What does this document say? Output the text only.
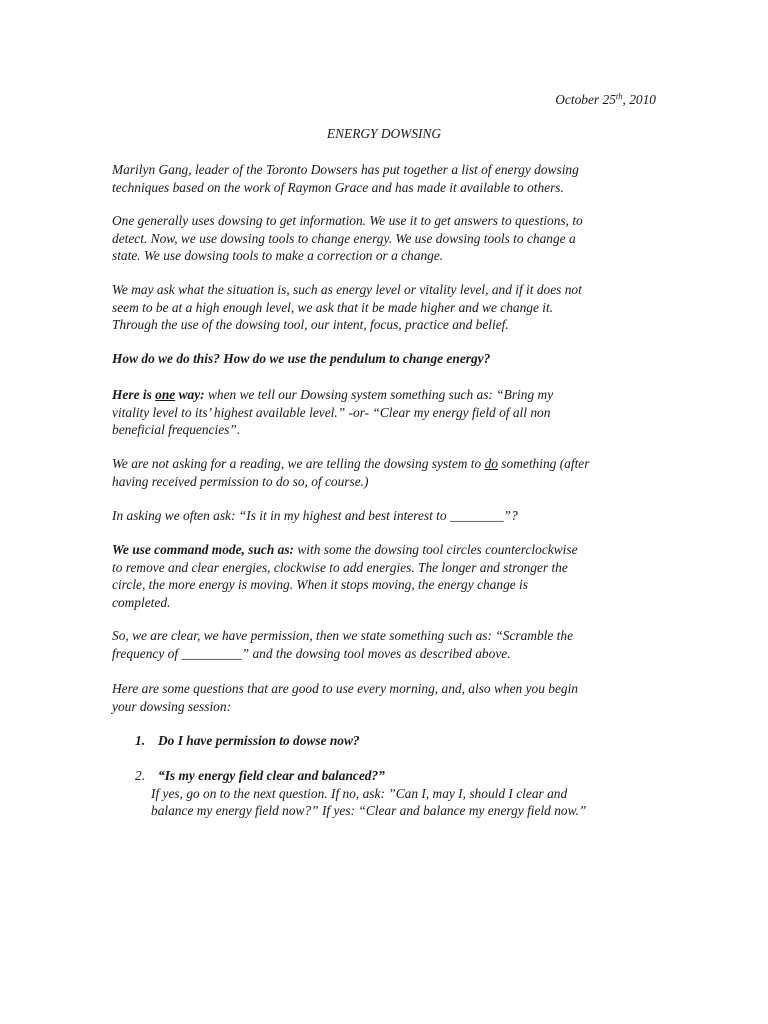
October 25th, 2010
ENERGY DOWSING

Marilyn Gang, leader of the Toronto Dowsers has put together a list of energy dowsing
techniques based on the work of Raymon Grace and has made it available to others.

One generally uses dowsing to get information. We use it to get answers to questions, to
detect. Now, we use dowsing tools to change energy. We use dowsing tools to change a
state. We use dowsing tools to make a correction or a change.

We may ask what the situation is, such as energy level or vitality level, and if it does not
seem to be at a high enough level, we ask that it be made higher and we change it.
Through the use of the dowsing tool, our intent, focus, practice and belief.

How do we do this? How do we use the pendulum to change energy?

Here is one way: when we tell our Dowsing system something such as: “Bring my
vitality level to its’ highest available level.” -or- “Clear my energy field of all non
beneficial frequencies”.

We are not asking for a reading, we are telling the dowsing system to do something (after
having received permission to do so, of course.)

In asking we often ask: “Is it in my highest and best interest to ________”?

We use command mode, such as: with some the dowsing tool circles counterclockwise
to remove and clear energies, clockwise to add energies. The longer and stronger the
circle, the more energy is moving. When it stops moving, the energy change is
completed.

So, we are clear, we have permission, then we state something such as: “Scramble the
frequency of _________” and the dowsing tool moves as described above.

Here are some questions that are good to use every morning, and, also when you begin
your dowsing session:

1. Do I have permission to dowse now?
2. “Is my energy field clear and balanced?”
If yes, go on to the next question. If no, ask: ”Can I, may I, should I clear and
balance my energy field now?” If yes: “Clear and balance my energy field now.”
